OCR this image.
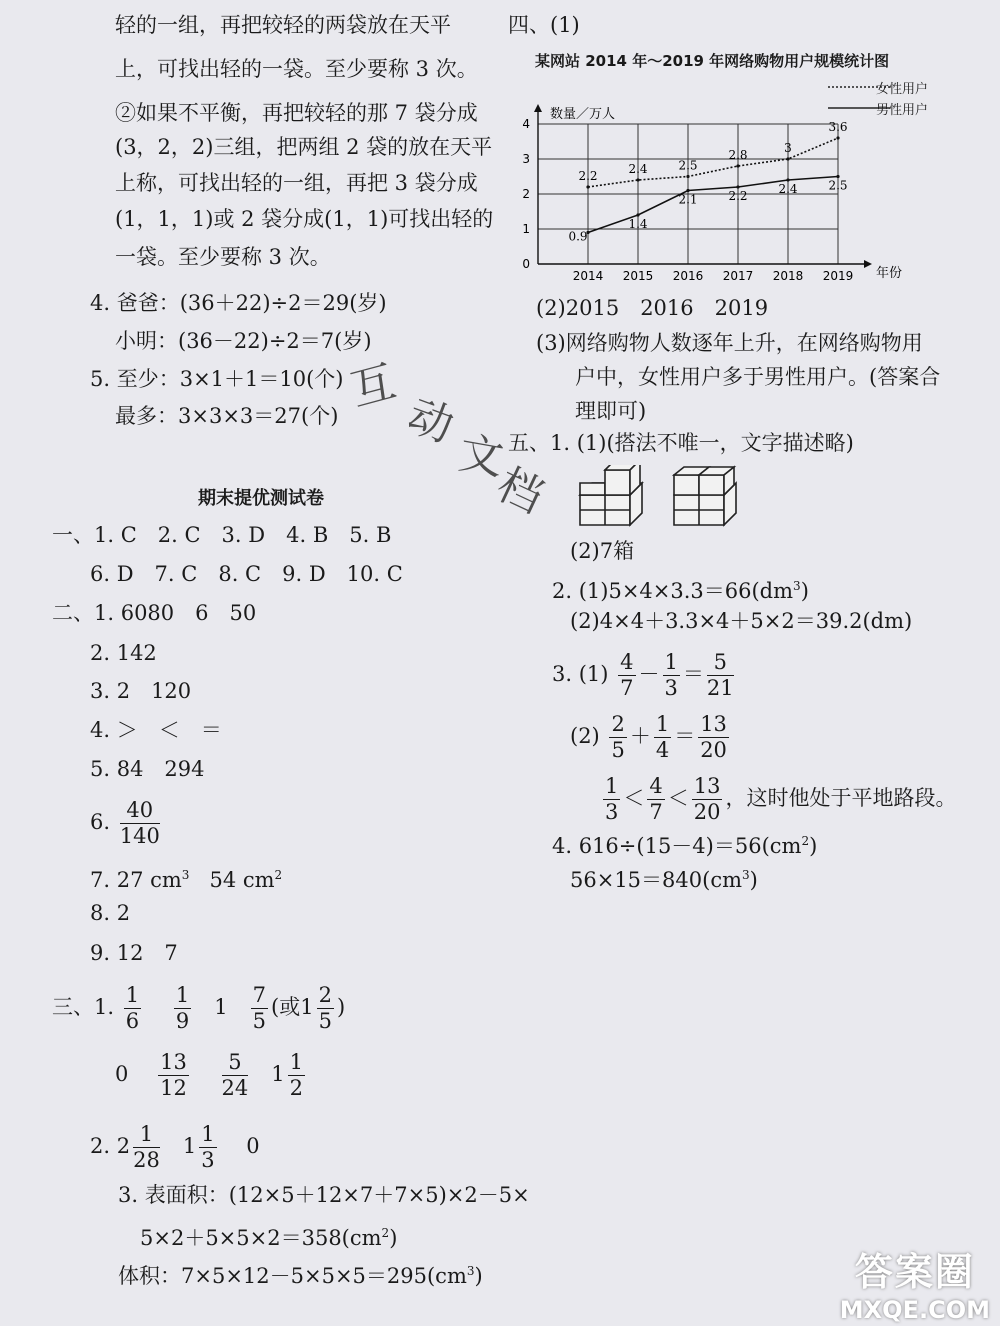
轻的一组，再把较轻的两袋放在天平
上，可找出轻的一袋。至少要称 3 次。
②如果不平衡，再把较轻的那 7 袋分成
(3，2，2)三组，把两组 2 袋的放在天平
上称，可找出轻的一组，再把 3 袋分成
(1，1，1)或 2 袋分成(1，1)可找出轻的
一袋。至少要称 3 次。
4. 爸爸：(36＋22)÷2＝29(岁)
小明：(36－22)÷2＝7(岁)
5. 至少：3×1＋1＝10(个)
最多：3×3×3＝27(个)
期末提优测试卷
一、1. C　2. C　3. D　4. B　5. B
6. D　7. C　8. C　9. D　10. C
二、1. 6080　6　50
2. 142
3. 2　120
4. ＞　＜　＝
5. 84　294
6. $\frac{40}{140}$
7. 27 $cm^3$ 54 $cm^2$
8. 2
9. 12　7
三、1. $\frac{1}{6}$
$\frac{1}{9} 1 \frac{7}{5}$ (或$1 \frac{2}{5}$ )
$0 \frac{13}{12}$
$\frac{5}{24} 1 \frac{1}{2}$
2. $2 \frac{1}{28} 1 \frac{1}{3} 0$
3. 表面积：(12×5＋12×7＋7×5)×2－5×
$5\times 2+5\times 5\times 2=358(cm^2)$
体积：$7\times 5\times 12-5\times 5\times 5=295(cm^3)$
四、(1)
某网站 2014 年～2019 年网络购物用户规模统计图
女性用户
男性用户
0
1
2
3
4
2014 2015 2016 2017 2018 2019
数量／万人
年份
2.2	2.4	2.5
2.8	3
3.6
0.9
1.4
2.1	2.2	2.4	2.5
(2)2015　2016　2019
(3)网络购物人数逐年上升，在网络购物用
户中，女性用户多于男性用户。(答案合
理即可)
五、1. (1)(搭法不唯一，文字描述略)
(2)7箱
2. $(1)5\times 4\times 3.3=66(dm^3)$
(2)4×4＋3.3×4＋5×2＝39.2(dm)
3. $(1) \frac{4}{7} - \frac{1}{3} = \frac{5}{21}$
$(2) \frac{2}{5} + \frac{1}{4} = \frac{13}{20}$
$\frac{1}{3} < \frac{4}{7} < \frac{13}{20}$ ，这时他处于平地路段。
4. $616\div(15-4)=56(cm^2)$
$56\times 15=840(cm^3)$
互
动
文
档
答案圈
MXQE.COM
